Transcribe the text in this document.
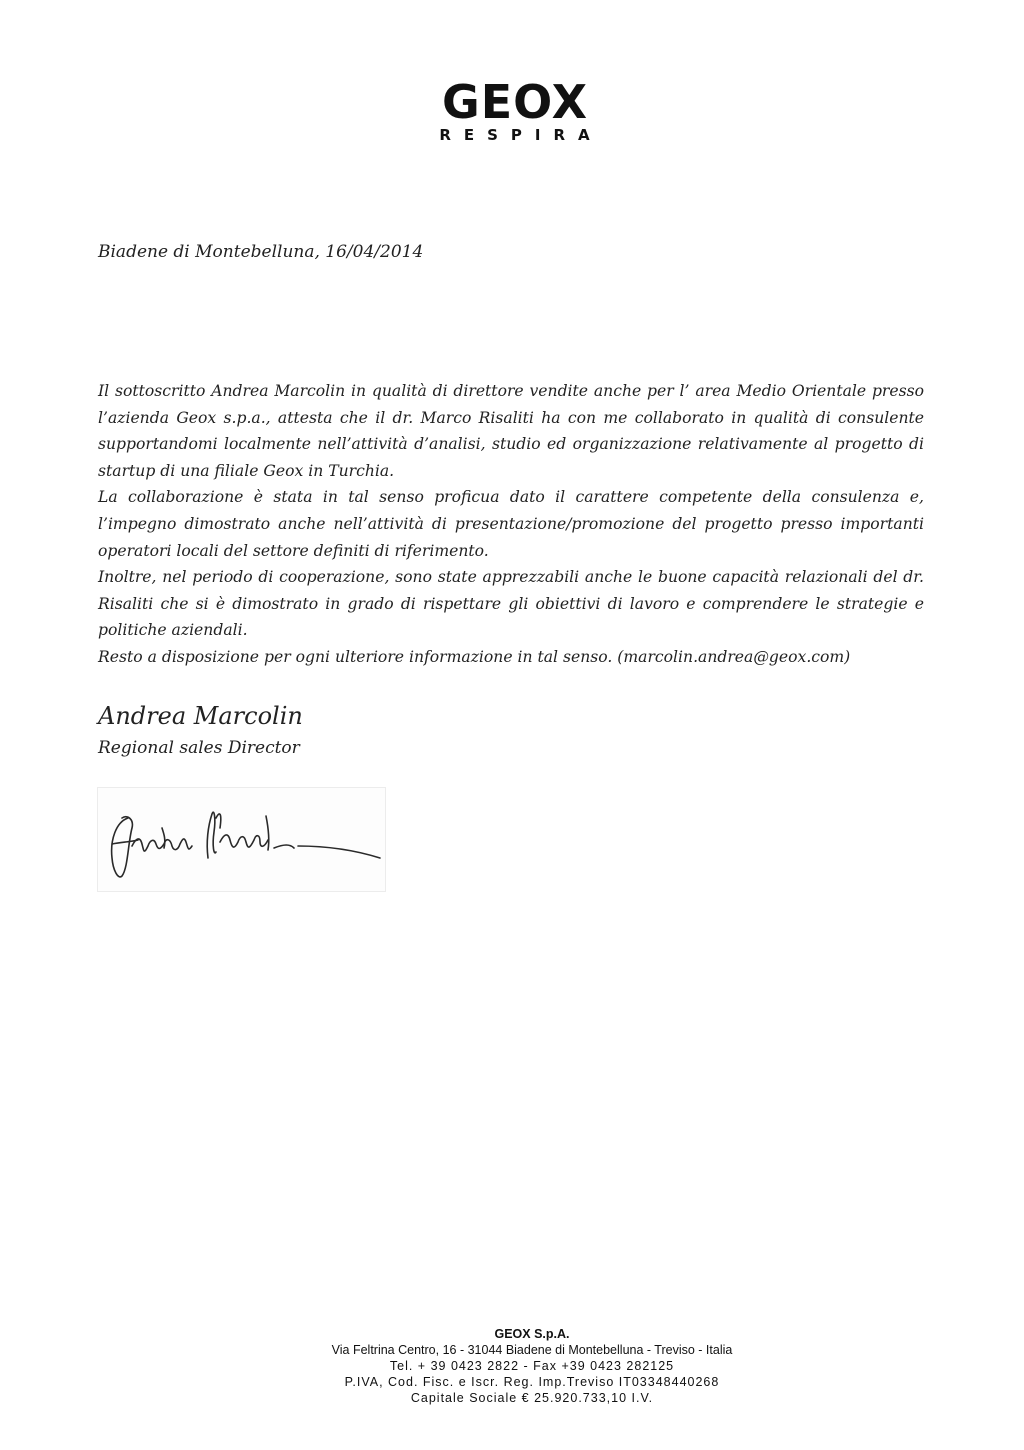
GEOX
RESPIRA
Biadene di Montebelluna, 16/04/2014

Il sottoscritto Andrea Marcolin in qualità di direttore vendite anche per l’ area Medio Orientale presso l’azienda Geox s.p.a., attesta che il dr. Marco Risaliti ha con me collaborato in qualità di consulente supportandomi localmente nell’attività d’analisi, studio ed organizzazione relativamente al progetto di startup di una filiale Geox in Turchia.

La collaborazione è stata in tal senso proficua dato il carattere competente della consulenza e, l’impegno dimostrato anche nell’attività di presentazione/promozione del progetto presso importanti operatori locali del settore definiti di riferimento.

Inoltre, nel periodo di cooperazione, sono state apprezzabili anche le buone capacità relazionali del dr. Risaliti che si è dimostrato in grado di rispettare gli obiettivi di lavoro e comprendere le strategie e politiche aziendali.

Resto a disposizione per ogni ulteriore informazione in tal senso. (marcolin.andrea@geox.com)

Andrea Marcolin
Regional sales Director
GEOX S.p.A.
Via Feltrina Centro, 16 - 31044 Biadene di Montebelluna - Treviso - Italia
Tel. + 39 0423 2822 - Fax +39 0423 282125
P.IVA, Cod. Fisc. e Iscr. Reg. Imp.Treviso IT03348440268
Capitale Sociale € 25.920.733,10 I.V.
